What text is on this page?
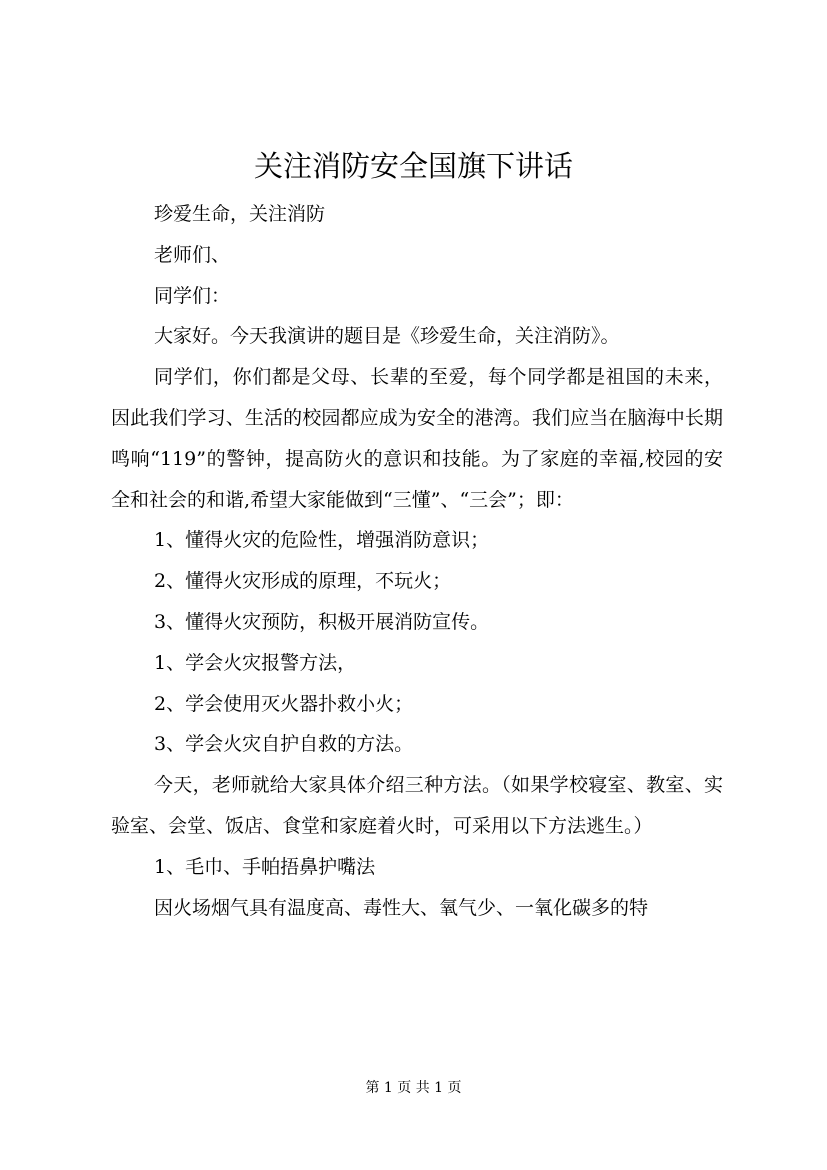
关注消防安全国旗下讲话

珍爱生命，关注消防

老师们、

同学们：

大家好。今天我演讲的题目是《珍爱生命，关注消防》。

同学们，你们都是父母、长辈的至爱，每个同学都是祖国的未来，因此我们学习、生活的校园都应成为安全的港湾。我们应当在脑海中长期鸣响“119”的警钟，提高防火的意识和技能。为了家庭的幸福,校园的安全和社会的和谐,希望大家能做到“三懂”、“三会”；即：

1、懂得火灾的危险性，增强消防意识；

2、懂得火灾形成的原理，不玩火；

3、懂得火灾预防，积极开展消防宣传。

1、学会火灾报警方法，

2、学会使用灭火器扑救小火；

3、学会火灾自护自救的方法。

今天，老师就给大家具体介绍三种方法。（如果学校寝室、教室、实验室、会堂、饭店、食堂和家庭着火时，可采用以下方法逃生。）

1、毛巾、手帕捂鼻护嘴法

因火场烟气具有温度高、毒性大、氧气少、一氧化碳多的特

第 1 页 共 1 页
